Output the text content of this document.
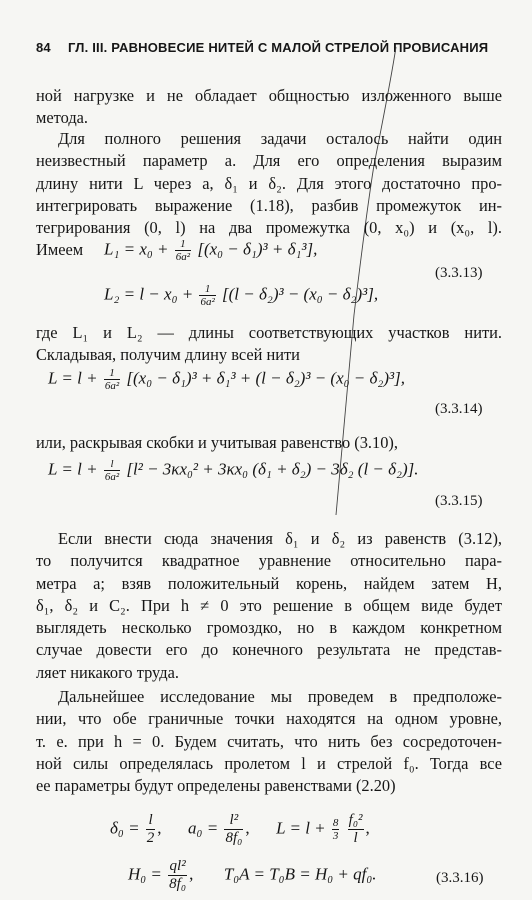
84 ГЛ. III. РАВНОВЕСИЕ НИТЕЙ С МАЛОЙ СТРЕЛОЙ ПРОВИСАНИЯ
ной нагрузке и не обладает общностью изложенного выше
метода.
Для полного решения задачи осталось найти один
неизвестный параметр a. Для его определения выразим
длину нити L через a, δ₁ и δ₂. Для этого достаточно про-
интегрировать выражение (1.18), разбив промежуток ин-
тегрирования (0, l) на два промежутка (0, x₀) и (x₀, l).
Имеем	$L_1 = x_0 + \frac{1}{\text{6a²}} [(x_0 - \delta_1)^3 + \delta_1^3]$,
$L_2 = l - x_0 + \frac{1}{\text{6a²}} [(l - \delta_2)^3 - (x_0 - \delta_2)^3]$,
(3.3.13)
где L₁ и L₂ — длины соответствующих участков нити.
Складывая, получим длину всей нити
$L = l + \frac{1}{\text{6a²}} [(x_0 - \delta_1)^3 + \delta_1^3 + (l - \delta_2)^3 - (x_0 - \delta_2)^3]$,
(3.3.14)
или, раскрывая скобки и учитывая равенство (3.10),
$L = l + \frac{l}{\text{6a²}} [l^2 - 3\kappa x_0^2 + 3\kappa x_0$ (δ₁ + δ₂) − 3δ₂ (l − δ₂)].
(3.3.15)
Если внести сюда значения δ₁ и δ₂ из равенств (3.12),
то получится квадратное уравнение относительно пара-
метра a; взяв положительный корень, найдем затем H,
δ₁, δ₂ и C₂. При h ≠ 0 это решение в общем виде будет
выглядеть несколько громоздко, но в каждом конкретном
случае довести его до конечного результата не представ-
ляет никакого труда.
Дальнейшее исследование мы проведем в предположе-
нии, что обе граничные точки находятся на одном уровне,
т. е. при h = 0. Будем считать, что нить без сосредоточен-
ной силы определялась пролетом l и стрелой f₀. Тогда все
ее параметры будут определены равенствами (2.20)
$\delta_0 = \frac{l}{2}$ , $a_0 = \frac{\text{l²}}{\text{8f₀}}$ , $L = l + \frac{8}{3}$
$\frac{\text{f₀²}}{l}$ ,
$H_0 = \frac{\text{ql²}}{\text{8f₀}}$ , T₀A = T₀B = H₀ + qf₀.	(3.3.16)
